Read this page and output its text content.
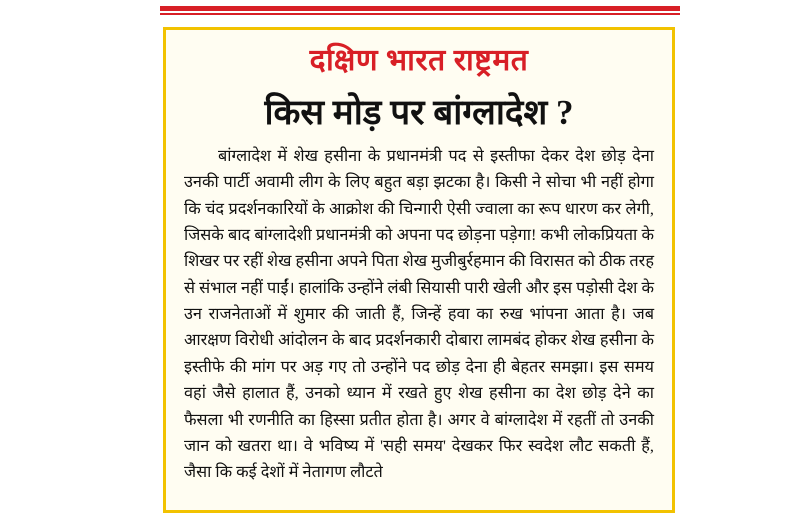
दक्षिण भारत राष्ट्रमत
किस मोड़ पर बांग्लादेश ?

बांग्लादेश में शेख हसीना के प्रधानमंत्री पद से इस्तीफा देकर देश छोड़ देना उनकी पार्टी अवामी लीग के लिए बहुत बड़ा झटका है। किसी ने सोचा भी नहीं होगा कि चंद प्रदर्शनकारियों के आक्रोश की चिन्गारी ऐसी ज्वाला का रूप धारण कर लेगी, जिसके बाद बांग्लादेशी प्रधानमंत्री को अपना पद छोड़ना पड़ेगा! कभी लोकप्रियता के शिखर पर रहीं शेख हसीना अपने पिता शेख मुजीबुर्रहमान की विरासत को ठीक तरह से संभाल नहीं पाईं। हालांकि उन्होंने लंबी सियासी पारी खेली और इस पड़ोसी देश के उन राजनेताओं में शुमार की जाती हैं, जिन्हें हवा का रुख भांपना आता है। जब आरक्षण विरोधी आंदोलन के बाद प्रदर्शनकारी दोबारा लामबंद होकर शेख हसीना के इस्तीफे की मांग पर अड़ गए तो उन्होंने पद छोड़ देना ही बेहतर समझा। इस समय वहां जैसे हालात हैं, उनको ध्यान में रखते हुए शेख हसीना का देश छोड़ देने का फैसला भी रणनीति का हिस्सा प्रतीत होता है। अगर वे बांग्लादेश में रहतीं तो उनकी जान को खतरा था। वे भविष्य में 'सही समय' देखकर फिर स्वदेश लौट सकती हैं, जैसा कि कई देशों में नेतागण लौटते
